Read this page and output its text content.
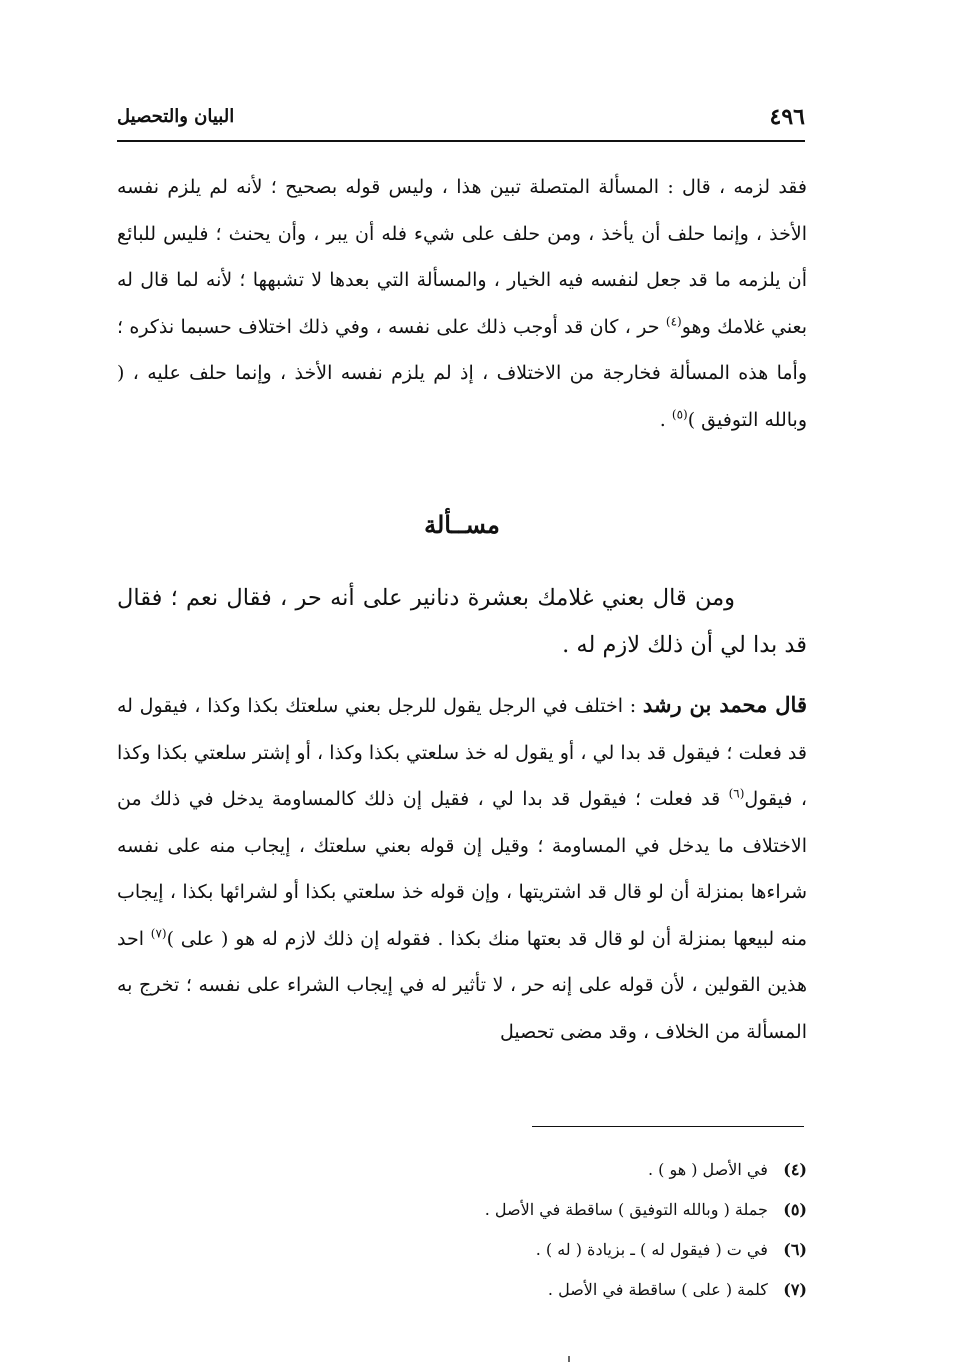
٤٩٦
البيان والتحصيل

فقد لزمه ، قال : المسألة المتصلة تبين هذا ، وليس قوله بصحيح ؛ لأنه لم يلزم نفسه الأخذ ، وإنما حلف أن يأخذ ، ومن حلف على شيء فله أن يبر ، وأن يحنث ؛ فليس للبائع أن يلزمه ما قد جعل لنفسه فيه الخيار ، والمسألة التي بعدها لا تشبهها ؛ لأنه لما قال له بعني غلامك وهو$^{(٤)}$ حر ، كان قد أوجب ذلك على نفسه ، وفي ذلك اختلاف حسبما نذكره ؛ وأما هذه المسألة فخارجة من الاختلاف ، إذ لم يلزم نفسه الأخذ ، وإنما حلف عليه ، ( وبالله التوفيق )$^{(٥)}$ .

مســألة

ومن قال بعني غلامك بعشرة دنانير على أنه حر ، فقال نعم ؛ فقال قد بدا لي أن ذلك لازم له .

قال محمد بن رشد : اختلف في الرجل يقول للرجل بعني سلعتك بكذا وكذا ، فيقول له قد فعلت ؛ فيقول قد بدا لي ، أو يقول له خذ سلعتي بكذا وكذا ، أو إشتر سلعتي بكذا وكذا ، فيقول$^{(٦)}$ قد فعلت ؛ فيقول قد بدا لي ، فقيل إن ذلك كالمساومة يدخل في ذلك من الاختلاف ما يدخل في المساومة ؛ وقيل إن قوله بعني سلعتك ، إيجاب منه على نفسه شراءها بمنزلة أن لو قال قد اشتريتها ، وإن قوله خذ سلعتي بكذا أو لشرائها بكذا ، إيجاب منه لبيعها بمنزلة أن لو قال قد بعتها منك بكذا . فقوله إن ذلك لازم له هو ( على )$^{(٧)}$ احد هذين القولين ، لأن قوله على إنه حر ، لا تأثير له في إيجاب الشراء على نفسه ؛ تخرج به المسألة من الخلاف ، وقد مضى تحصيل

(٤) في الأصل ( هو ) .
(٥) جملة ( وبالله التوفيق ) ساقطة في الأصل .
(٦) في ت ( فيقول له ) ـ بزيادة ( له ) .
(٧) كلمة ( على ) ساقطة في الأصل .
